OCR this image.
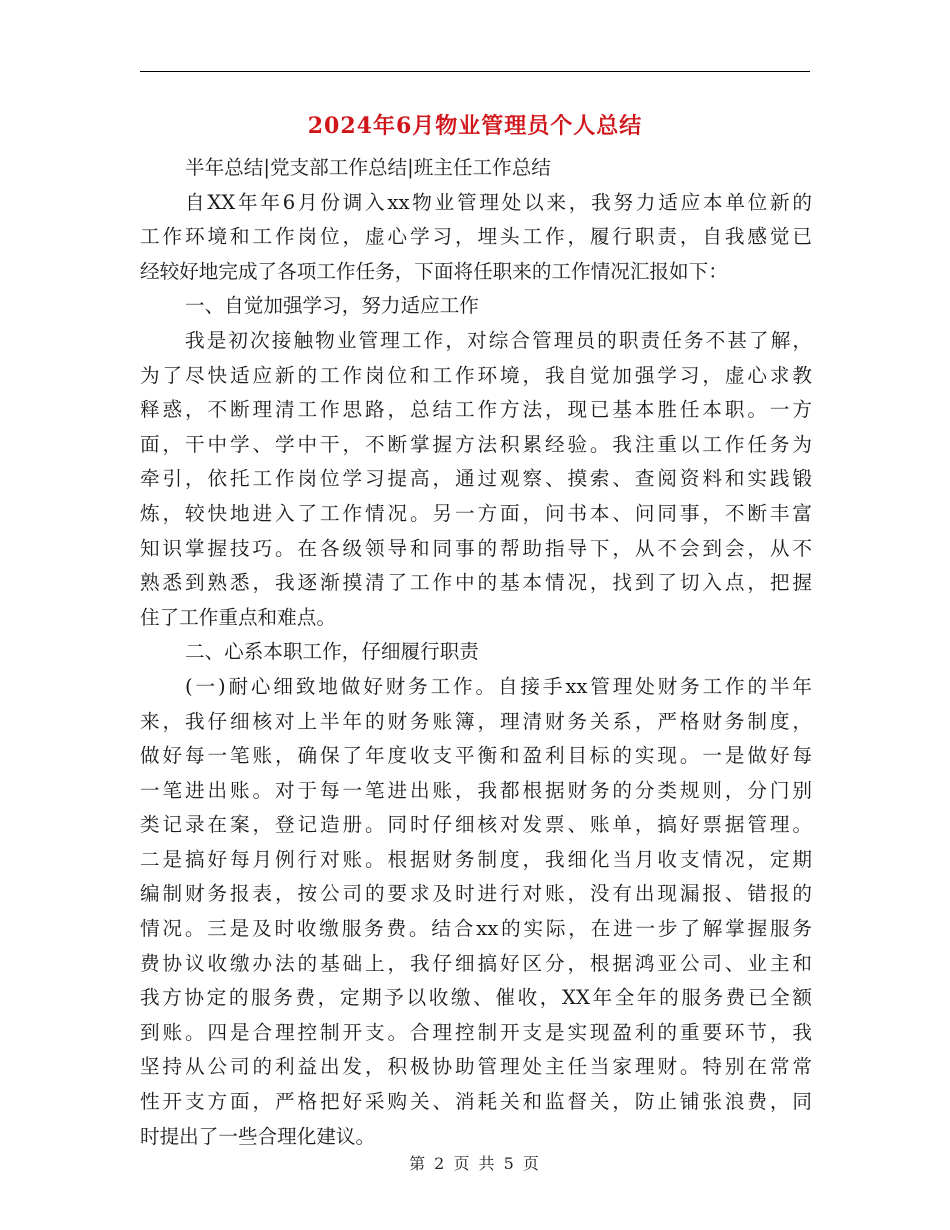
2024年6月物业管理员个人总结
半年总结|党支部工作总结|班主任工作总结
自XX年年6月份调入xx物业管理处以来，我努力适应本单位新的
工作环境和工作岗位，虚心学习，埋头工作，履行职责，自我感觉已
经较好地完成了各项工作任务，下面将任职来的工作情况汇报如下：
一、自觉加强学习，努力适应工作
我是初次接触物业管理工作，对综合管理员的职责任务不甚了解，
为了尽快适应新的工作岗位和工作环境，我自觉加强学习，虚心求教
释惑，不断理清工作思路，总结工作方法，现已基本胜任本职。一方
面，干中学、学中干，不断掌握方法积累经验。我注重以工作任务为
牵引，依托工作岗位学习提高，通过观察、摸索、查阅资料和实践锻
炼，较快地进入了工作情况。另一方面，问书本、问同事，不断丰富
知识掌握技巧。在各级领导和同事的帮助指导下，从不会到会，从不
熟悉到熟悉，我逐渐摸清了工作中的基本情况，找到了切入点，把握
住了工作重点和难点。
二、心系本职工作，仔细履行职责
(一)耐心细致地做好财务工作。自接手xx管理处财务工作的半年
来，我仔细核对上半年的财务账簿，理清财务关系，严格财务制度，
做好每一笔账，确保了年度收支平衡和盈利目标的实现。一是做好每
一笔进出账。对于每一笔进出账，我都根据财务的分类规则，分门别
类记录在案，登记造册。同时仔细核对发票、账单，搞好票据管理。
二是搞好每月例行对账。根据财务制度，我细化当月收支情况，定期
编制财务报表，按公司的要求及时进行对账，没有出现漏报、错报的
情况。三是及时收缴服务费。结合xx的实际，在进一步了解掌握服务
费协议收缴办法的基础上，我仔细搞好区分，根据鸿亚公司、业主和
我方协定的服务费，定期予以收缴、催收，XX年全年的服务费已全额
到账。四是合理控制开支。合理控制开支是实现盈利的重要环节，我
坚持从公司的利益出发，积极协助管理处主任当家理财。特别在常常
性开支方面，严格把好采购关、消耗关和监督关，防止铺张浪费，同
时提出了一些合理化建议。
第 2 页 共 5 页
